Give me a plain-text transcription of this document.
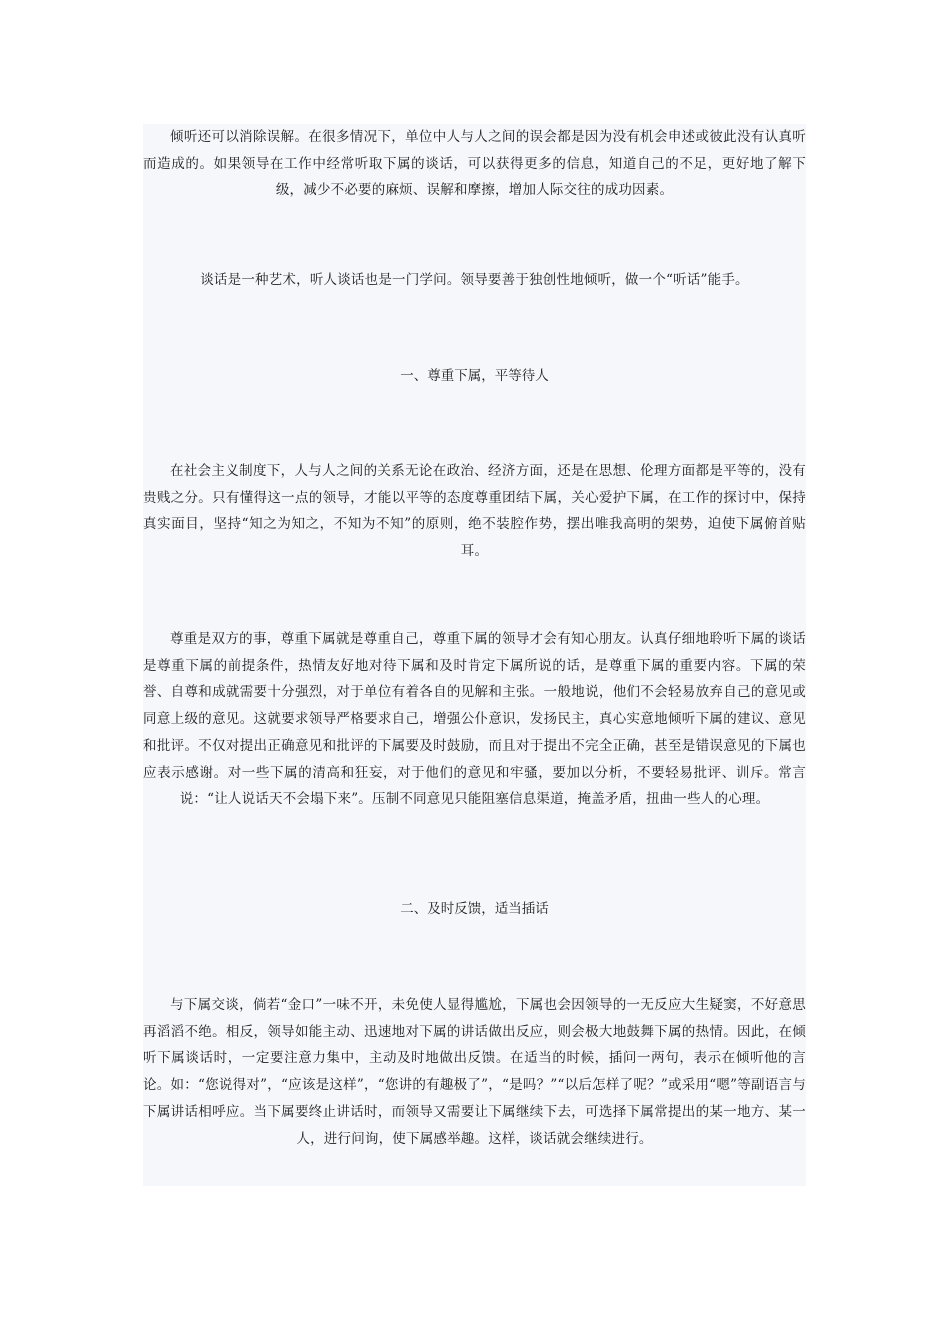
倾听还可以消除误解。在很多情况下，单位中人与人之间的误会都是因为没有机会申述或彼此没有认真听而造成的。如果领导在工作中经常听取下属的谈话，可以获得更多的信息，知道自己的不足，更好地了解下级，减少不必要的麻烦、误解和摩擦，增加人际交往的成功因素。

谈话是一种艺术，听人谈话也是一门学问。领导要善于独创性地倾听，做一个“听话”能手。

一、尊重下属，平等待人

在社会主义制度下，人与人之间的关系无论在政治、经济方面，还是在思想、伦理方面都是平等的，没有贵贱之分。只有懂得这一点的领导，才能以平等的态度尊重团结下属，关心爱护下属，在工作的探讨中，保持真实面目，坚持“知之为知之，不知为不知”的原则，绝不装腔作势，摆出唯我高明的架势，迫使下属俯首贴耳。

尊重是双方的事，尊重下属就是尊重自己，尊重下属的领导才会有知心朋友。认真仔细地聆听下属的谈话是尊重下属的前提条件，热情友好地对待下属和及时肯定下属所说的话，是尊重下属的重要内容。下属的荣誉、自尊和成就需要十分强烈，对于单位有着各自的见解和主张。一般地说，他们不会轻易放弃自己的意见或同意上级的意见。这就要求领导严格要求自己，增强公仆意识，发扬民主，真心实意地倾听下属的建议、意见和批评。不仅对提出正确意见和批评的下属要及时鼓励，而且对于提出不完全正确，甚至是错误意见的下属也应表示感谢。对一些下属的清高和狂妄，对于他们的意见和牢骚，要加以分析，不要轻易批评、训斥。常言说：“让人说话天不会塌下来”。压制不同意见只能阻塞信息渠道，掩盖矛盾，扭曲一些人的心理。

二、及时反馈，适当插话

与下属交谈，倘若“金口”一味不开，未免使人显得尴尬，下属也会因领导的一无反应大生疑窦，不好意思再滔滔不绝。相反，领导如能主动、迅速地对下属的讲话做出反应，则会极大地鼓舞下属的热情。因此，在倾听下属谈话时，一定要注意力集中，主动及时地做出反馈。在适当的时候，插问一两句，表示在倾听他的言论。如：“您说得对”，“应该是这样”，“您讲的有趣极了”，“是吗？”“以后怎样了呢？”或采用“嗯”等副语言与下属讲话相呼应。当下属要终止讲话时，而领导又需要让下属继续下去，可选择下属常提出的某一地方、某一人，进行问询，使下属感举趣。这样，谈话就会继续进行。
